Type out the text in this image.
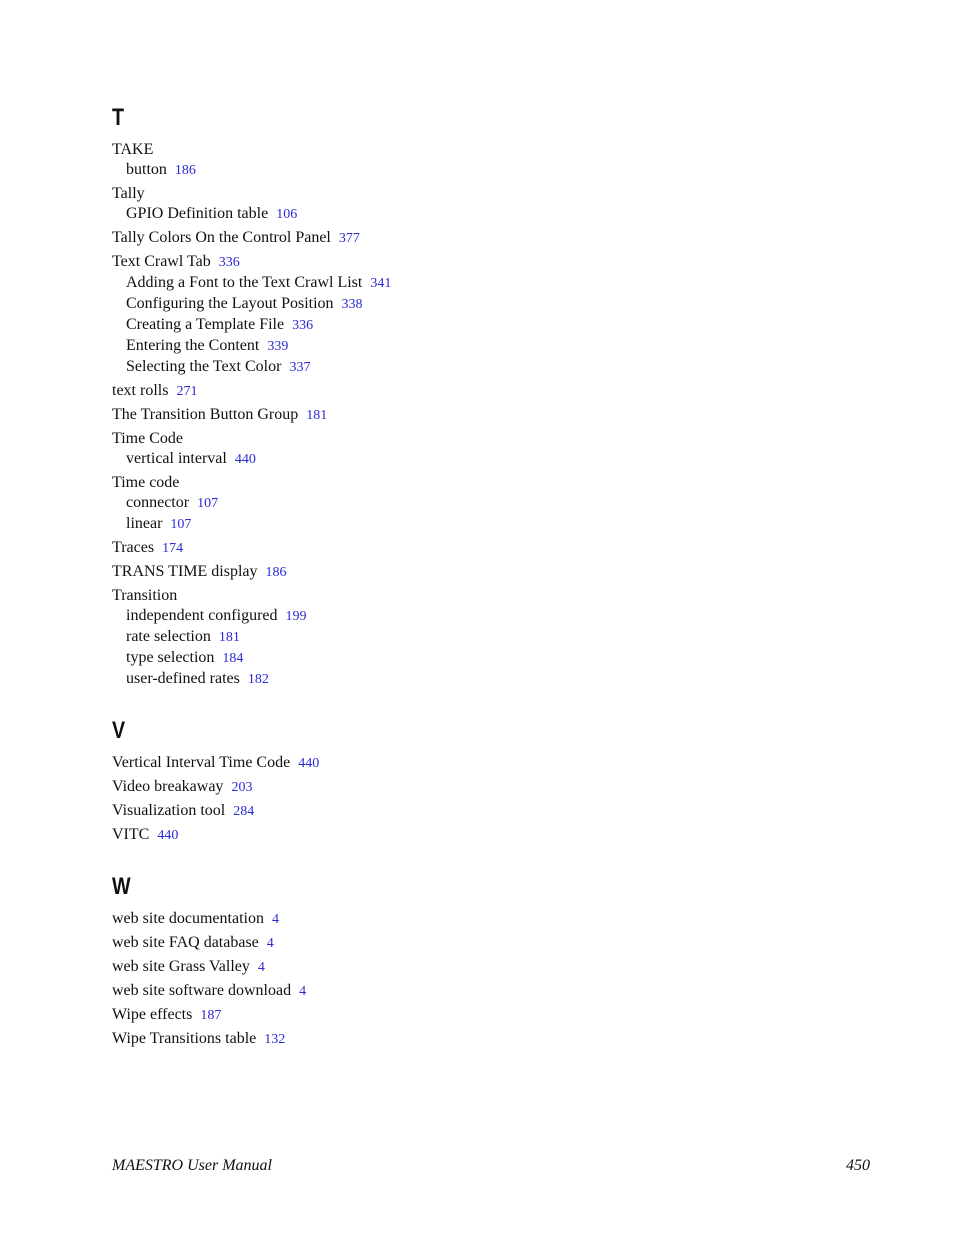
T
TAKE
button 186
Tally
GPIO Definition table 106
Tally Colors On the Control Panel 377
Text Crawl Tab 336
Adding a Font to the Text Crawl List 341
Configuring the Layout Position 338
Creating a Template File 336
Entering the Content 339
Selecting the Text Color 337
text rolls 271
The Transition Button Group 181
Time Code
vertical interval 440
Time code
connector 107
linear 107
Traces 174
TRANS TIME display 186
Transition
independent configured 199
rate selection 181
type selection 184
user-defined rates 182
V
Vertical Interval Time Code 440
Video breakaway 203
Visualization tool 284
VITC 440
W
web site documentation 4
web site FAQ database 4
web site Grass Valley 4
web site software download 4
Wipe effects 187
Wipe Transitions table 132
MAESTRO User Manual	450
